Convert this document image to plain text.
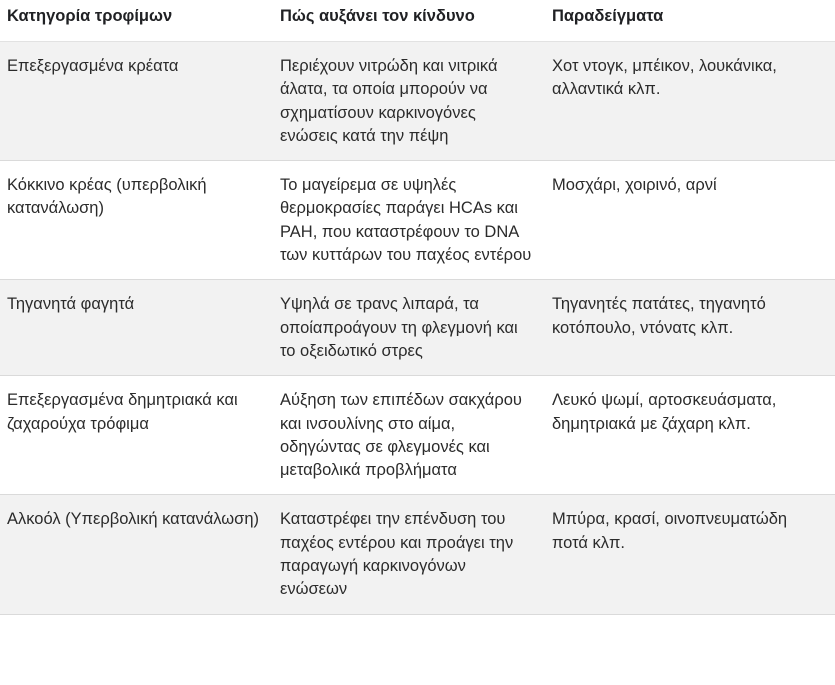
Κατηγορία τροφίμων	Πώς αυξάνει τον κίνδυνο	Παραδείγματα
Επεξεργασμένα κρέατα	Περιέχουν νιτρώδη και νιτρικά άλατα, τα οποία μπορούν να σχηματίσουν καρκινογόνες ενώσεις κατά την πέψη	Χοτ ντογκ, μπέικον, λουκάνικα, αλλαντικά κλπ.
Κόκκινο κρέας (υπερβολική κατανάλωση)	Το μαγείρεμα σε υψηλές θερμοκρασίες παράγει HCAs και PAH, που καταστρέφουν το DNA των κυττάρων του παχέος εντέρου	Μοσχάρι, χοιρινό, αρνί
Τηγανητά φαγητά	Υψηλά σε τρανς λιπαρά, τα οποίαπροάγουν τη φλεγμονή και το οξειδωτικό στρες	Τηγανητές πατάτες, τηγανητό κοτόπουλο, ντόνατς κλπ.
Επεξεργασμένα δημητριακά και ζαχαρούχα τρόφιμα	Αύξηση των επιπέδων σακχάρου και ινσουλίνης στο αίμα, οδηγώντας σε φλεγμονές και μεταβολικά προβλήματα	Λευκό ψωμί, αρτοσκευάσματα, δημητριακά με ζάχαρη κλπ.
Αλκοόλ (Υπερβολική κατανάλωση)	Καταστρέφει την επένδυση του παχέος εντέρου και προάγει την παραγωγή καρκινογόνων ενώσεων	Μπύρα, κρασί, οινοπνευματώδη ποτά κλπ.
